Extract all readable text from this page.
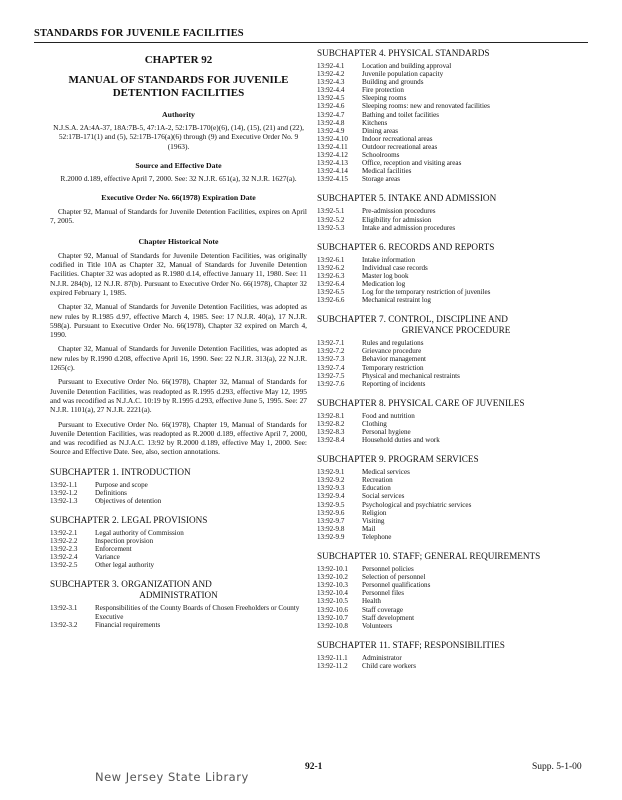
STANDARDS FOR JUVENILE FACILITIES
CHAPTER 92
MANUAL OF STANDARDS FOR JUVENILE DETENTION FACILITIES
Authority

N.J.S.A. 2A:4A-37, 18A:7B-5, 47:1A-2, 52:17B-170(e)(6), (14), (15), (21) and (22), 52:17B-171(1) and (5), 52:17B-176(a)(6) through (9) and Executive Order No. 9 (1963).

Source and Effective Date

R.2000 d.189, effective April 7, 2000. See: 32 N.J.R. 651(a), 32 N.J.R. 1627(a).

Executive Order No. 66(1978) Expiration Date

Chapter 92, Manual of Standards for Juvenile Detention Facilities, expires on April 7, 2005.

Chapter Historical Note

Chapter 92, Manual of Standards for Juvenile Detention Facilities, was originally codified in Title 10A as Chapter 32, Manual of Standards for Juvenile Detention Facilities. Chapter 32 was adopted as R.1980 d.14, effective January 11, 1980. See: 11 N.J.R. 284(b), 12 N.J.R. 87(b). Pursuant to Executive Order No. 66(1978), Chapter 32 expired February 1, 1985.

Chapter 32, Manual of Standards for Juvenile Detention Facilities, was adopted as new rules by R.1985 d.97, effective March 4, 1985. See: 17 N.J.R. 40(a), 17 N.J.R. 598(a). Pursuant to Executive Order No. 66(1978), Chapter 32 expired on March 4, 1990.

Chapter 32, Manual of Standards for Juvenile Detention Facilities, was adopted as new rules by R.1990 d.208, effective April 16, 1990. See: 22 N.J.R. 313(a), 22 N.J.R. 1265(c).

Pursuant to Executive Order No. 66(1978), Chapter 32, Manual of Standards for Juvenile Detention Facilities, was readopted as R.1995 d.293, effective May 12, 1995 and was recodified as N.J.A.C. 10:19 by R.1995 d.293, effective June 5, 1995. See: 27 N.J.R. 1101(a), 27 N.J.R. 2221(a).

Pursuant to Executive Order No. 66(1978), Chapter 19, Manual of Standards for Juvenile Detention Facilities, was readopted as R.2000 d.189, effective April 7, 2000, and was recodified as N.J.A.C. 13:92 by R.2000 d.189, effective May 1, 2000. See: Source and Effective Date. See, also, section annotations.

SUBCHAPTER 1. INTRODUCTION
13:92-1.1	Purpose and scope
13:92-1.2	Definitions
13:92-1.3	Objectives of detention
SUBCHAPTER 2. LEGAL PROVISIONS
13:92-2.1	Legal authority of Commission
13:92-2.2	Inspection provision
13:92-2.3	Enforcement
13:92-2.4	Variance
13:92-2.5	Other legal authority
SUBCHAPTER 3. ORGANIZATION AND
ADMINISTRATION
13:92-3.1	Responsibilities of the County Boards of Chosen Freeholders or County Executive
13:92-3.2	Financial requirements
SUBCHAPTER 4. PHYSICAL STANDARDS
13:92-4.1	Location and building approval
13:92-4.2	Juvenile population capacity
13:92-4.3	Building and grounds
13:92-4.4	Fire protection
13:92-4.5	Sleeping rooms
13:92-4.6	Sleeping rooms: new and renovated facilities
13:92-4.7	Bathing and toilet facilities
13:92-4.8	Kitchens
13:92-4.9	Dining areas
13:92-4.10	Indoor recreational areas
13:92-4.11	Outdoor recreational areas
13:92-4.12	Schoolrooms
13:92-4.13	Office, reception and visiting areas
13:92-4.14	Medical facilities
13:92-4.15	Storage areas
SUBCHAPTER 5. INTAKE AND ADMISSION
13:92-5.1	Pre-admission procedures
13:92-5.2	Eligibility for admission
13:92-5.3	Intake and admission procedures
SUBCHAPTER 6. RECORDS AND REPORTS
13:92-6.1	Intake information
13:92-6.2	Individual case records
13:92-6.3	Master log book
13:92-6.4	Medication log
13:92-6.5	Log for the temporary restriction of juveniles
13:92-6.6	Mechanical restraint log
SUBCHAPTER 7. CONTROL, DISCIPLINE AND
GRIEVANCE PROCEDURE
13:92-7.1	Rules and regulations
13:92-7.2	Grievance procedure
13:92-7.3	Behavior management
13:92-7.4	Temporary restriction
13:92-7.5	Physical and mechanical restraints
13:92-7.6	Reporting of incidents
SUBCHAPTER 8. PHYSICAL CARE OF JUVENILES
13:92-8.1	Food and nutrition
13:92-8.2	Clothing
13:92-8.3	Personal hygiene
13:92-8.4	Household duties and work
SUBCHAPTER 9. PROGRAM SERVICES
13:92-9.1	Medical services
13:92-9.2	Recreation
13:92-9.3	Education
13:92-9.4	Social services
13:92-9.5	Psychological and psychiatric services
13:92-9.6	Religion
13:92-9.7	Visiting
13:92-9.8	Mail
13:92-9.9	Telephone
SUBCHAPTER 10. STAFF; GENERAL REQUIREMENTS
13:92-10.1	Personnel policies
13:92-10.2	Selection of personnel
13:92-10.3	Personnel qualifications
13:92-10.4	Personnel files
13:92-10.5	Health
13:92-10.6	Staff coverage
13:92-10.7	Staff development
13:92-10.8	Volunteers
SUBCHAPTER 11. STAFF; RESPONSIBILITIES
13:92-11.1	Administrator
13:92-11.2	Child care workers
New Jersey State Library
92-1	Supp. 5-1-00
